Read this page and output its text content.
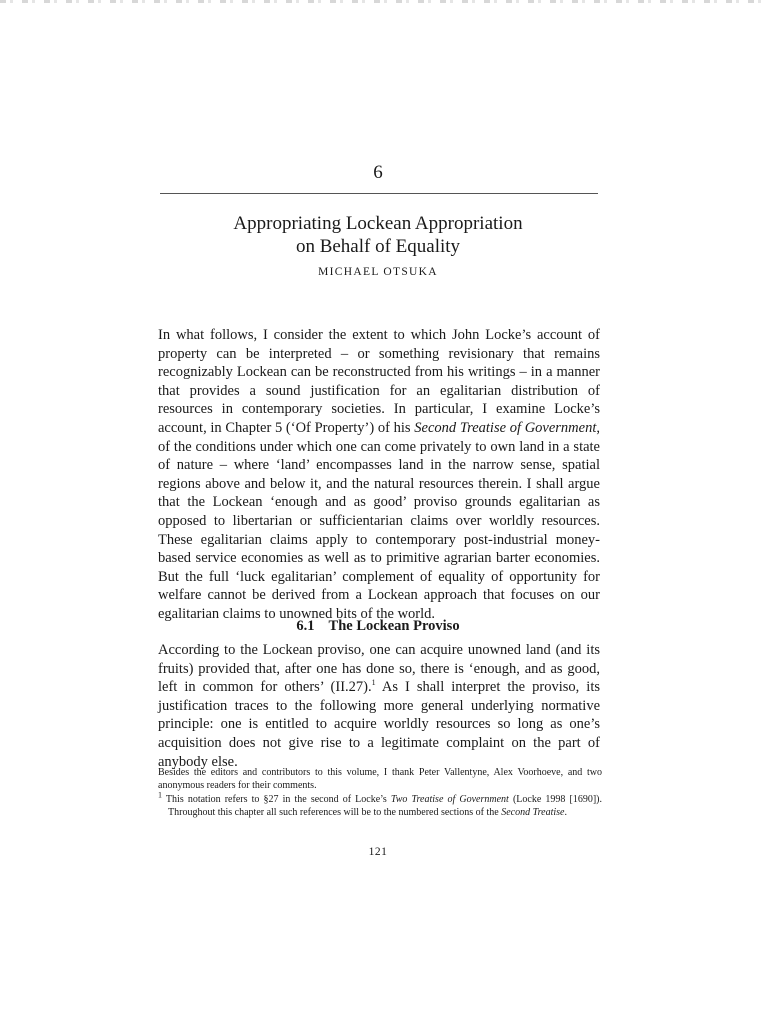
6
Appropriating Lockean Appropriation
on Behalf of Equality
MICHAEL OTSUKA

In what follows, I consider the extent to which John Locke’s account of property can be interpreted – or something revisionary that remains recognizably Lockean can be reconstructed from his writings – in a manner that provides a sound justification for an egalitarian distribution of resources in contemporary societies. In particular, I examine Locke’s account, in Chapter 5 (‘Of Property’) of his Second Treatise of Government, of the conditions under which one can come privately to own land in a state of nature – where ‘land’ encompasses land in the narrow sense, spatial regions above and below it, and the natural resources therein. I shall argue that the Lockean ‘enough and as good’ proviso grounds egalitarian as opposed to libertarian or sufficientarian claims over worldly resources. These egalitarian claims apply to contemporary post-industrial money-based service economies as well as to primitive agrarian barter economies. But the full ‘luck egalitarian’ complement of equality of opportunity for welfare cannot be derived from a Lockean approach that focuses on our egalitarian claims to unowned bits of the world.

6.1 The Lockean Proviso

According to the Lockean proviso, one can acquire unowned land (and its fruits) provided that, after one has done so, there is ‘enough, and as good, left in common for others’ (II.27).$^1$ As I shall interpret the proviso, its justification traces to the following more general underlying normative principle: one is entitled to acquire worldly resources so long as one’s acquisition does not give rise to a legitimate complaint on the part of anybody else.

Besides the editors and contributors to this volume, I thank Peter Vallentyne, Alex Voorhoeve, and two anonymous readers for their comments.

$^1$ This notation refers to §27 in the second of Locke’s Two Treatise of Government (Locke 1998 [1690]). Throughout this chapter all such references will be to the numbered sections of the Second Treatise.

121
